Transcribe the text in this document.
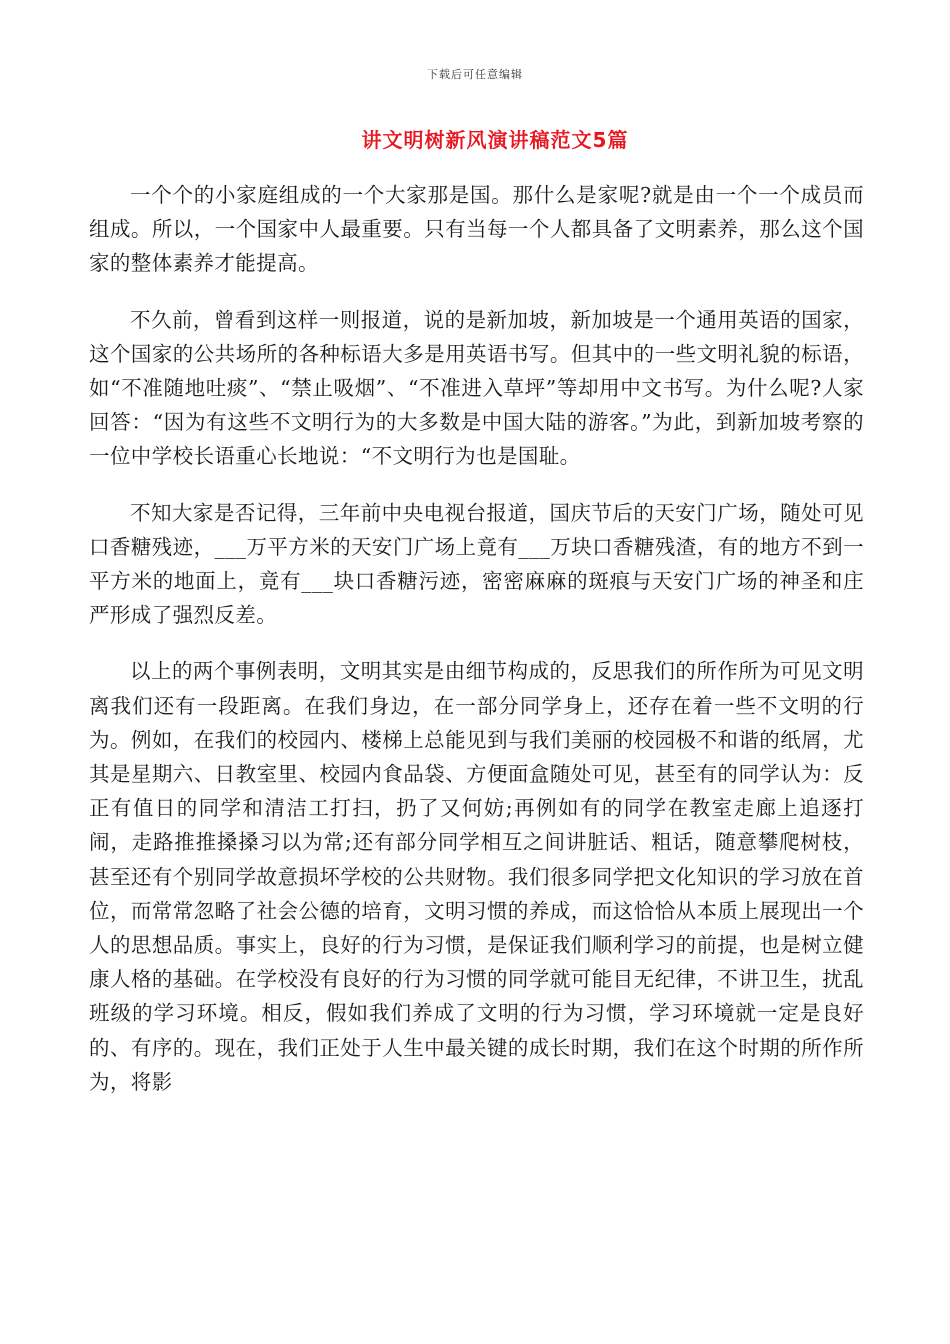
下载后可任意编辑
讲文明树新风演讲稿范文5篇

一个个的小家庭组成的一个大家那是国。那什么是家呢?就是由一个一个成员而组成。所以，一个国家中人最重要。只有当每一个人都具备了文明素养，那么这个国家的整体素养才能提高。

不久前，曾看到这样一则报道，说的是新加坡，新加坡是一个通用英语的国家，这个国家的公共场所的各种标语大多是用英语书写。但其中的一些文明礼貌的标语，如“不准随地吐痰”、“禁止吸烟”、“不准进入草坪”等却用中文书写。为什么呢?人家回答：“因为有这些不文明行为的大多数是中国大陆的游客。”为此，到新加坡考察的一位中学校长语重心长地说：“不文明行为也是国耻。

不知大家是否记得，三年前中央电视台报道，国庆节后的天安门广场，随处可见口香糖残迹，___万平方米的天安门广场上竟有___万块口香糖残渣，有的地方不到一平方米的地面上，竟有___块口香糖污迹，密密麻麻的斑痕与天安门广场的神圣和庄严形成了强烈反差。

以上的两个事例表明，文明其实是由细节构成的，反思我们的所作所为可见文明离我们还有一段距离。在我们身边，在一部分同学身上，还存在着一些不文明的行为。例如，在我们的校园内、楼梯上总能见到与我们美丽的校园极不和谐的纸屑，尤其是星期六、日教室里、校园内食品袋、方便面盒随处可见，甚至有的同学认为：反正有值日的同学和清洁工打扫，扔了又何妨;再例如有的同学在教室走廊上追逐打闹，走路推推搡搡习以为常;还有部分同学相互之间讲脏话、粗话，随意攀爬树枝，甚至还有个别同学故意损坏学校的公共财物。我们很多同学把文化知识的学习放在首位，而常常忽略了社会公德的培育，文明习惯的养成，而这恰恰从本质上展现出一个人的思想品质。事实上，良好的行为习惯，是保证我们顺利学习的前提，也是树立健康人格的基础。在学校没有良好的行为习惯的同学就可能目无纪律，不讲卫生，扰乱班级的学习环境。相反，假如我们养成了文明的行为习惯，学习环境就一定是良好的、有序的。现在，我们正处于人生中最关键的成长时期，我们在这个时期的所作所为，将影
